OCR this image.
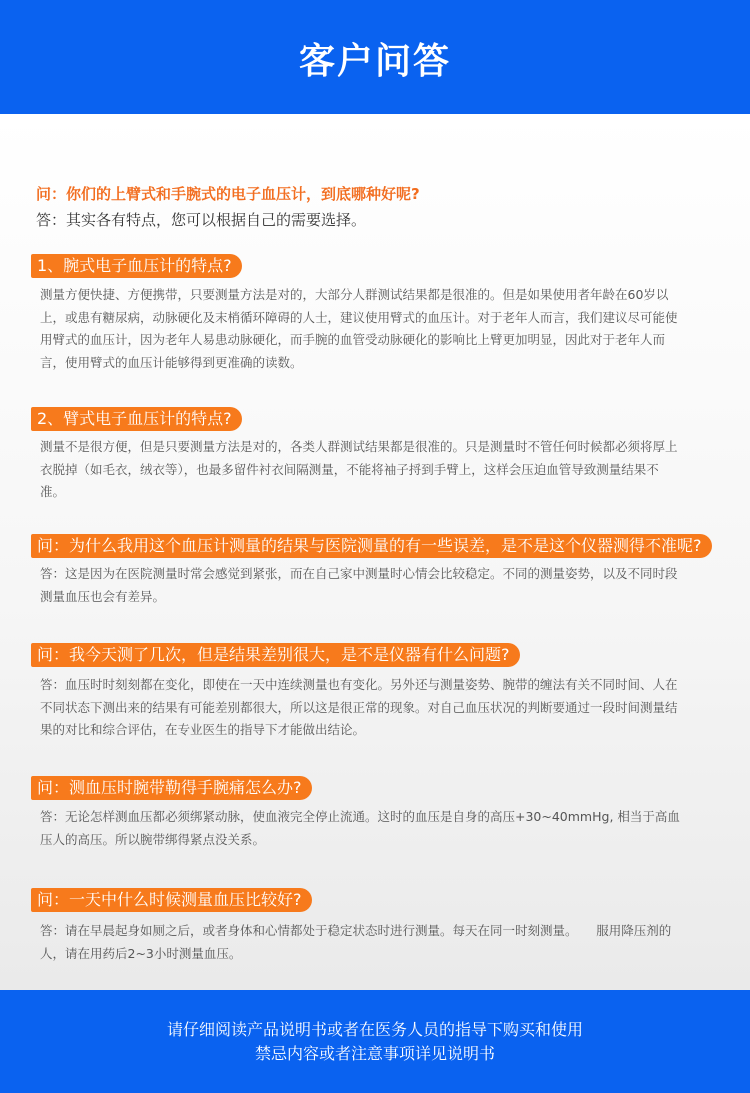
客户问答
问：你们的上臂式和手腕式的电子血压计，到底哪种好呢?
答：其实各有特点，您可以根据自己的需要选择。
1、腕式电子血压计的特点?

测量方便快捷、方便携带，只要测量方法是对的，大部分人群测试结果都是很准的。但是如果使用者年龄在60岁以上，或患有糖尿病，动脉硬化及末梢循环障碍的人士，建议使用臂式的血压计。对于老年人而言，我们建议尽可能使用臂式的血压计，因为老年人易患动脉硬化，而手腕的血管受动脉硬化的影响比上臂更加明显，因此对于老年人而言，使用臂式的血压计能够得到更准确的读数。

2、臂式电子血压计的特点?

测量不是很方便，但是只要测量方法是对的，各类人群测试结果都是很准的。只是测量时不管任何时候都必须将厚上衣脱掉（如毛衣，绒衣等），也最多留件衬衣间隔测量，不能将袖子捋到手臂上，这样会压迫血管导致测量结果不准。

问：为什么我用这个血压计测量的结果与医院测量的有一些误差，是不是这个仪器测得不准呢?

答：这是因为在医院测量时常会感觉到紧张，而在自己家中测量时心情会比较稳定。不同的测量姿势，以及不同时段测量血压也会有差异。

问：我今天测了几次，但是结果差别很大，是不是仪器有什么问题?

答：血压时时刻刻都在变化，即使在一天中连续测量也有变化。另外还与测量姿势、腕带的缠法有关不同时间、人在不同状态下测出来的结果有可能差别都很大，所以这是很正常的现象。对自己血压状况的判断要通过一段时间测量结果的对比和综合评估，在专业医生的指导下才能做出结论。

问：测血压时腕带勒得手腕痛怎么办?

答：无论怎样测血压都必须绑紧动脉，使血液完全停止流通。这时的血压是自身的高压+30~40mmHg, 相当于高血压人的高压。所以腕带绑得紧点没关系。

问：一天中什么时候测量血压比较好?

答：请在早晨起身如厕之后，或者身体和心情都处于稳定状态时进行测量。每天在同一时刻测量。　　服用降压剂的人，请在用药后2~3小时测量血压。

请仔细阅读产品说明书或者在医务人员的指导下购买和使用
禁忌内容或者注意事项详见说明书
